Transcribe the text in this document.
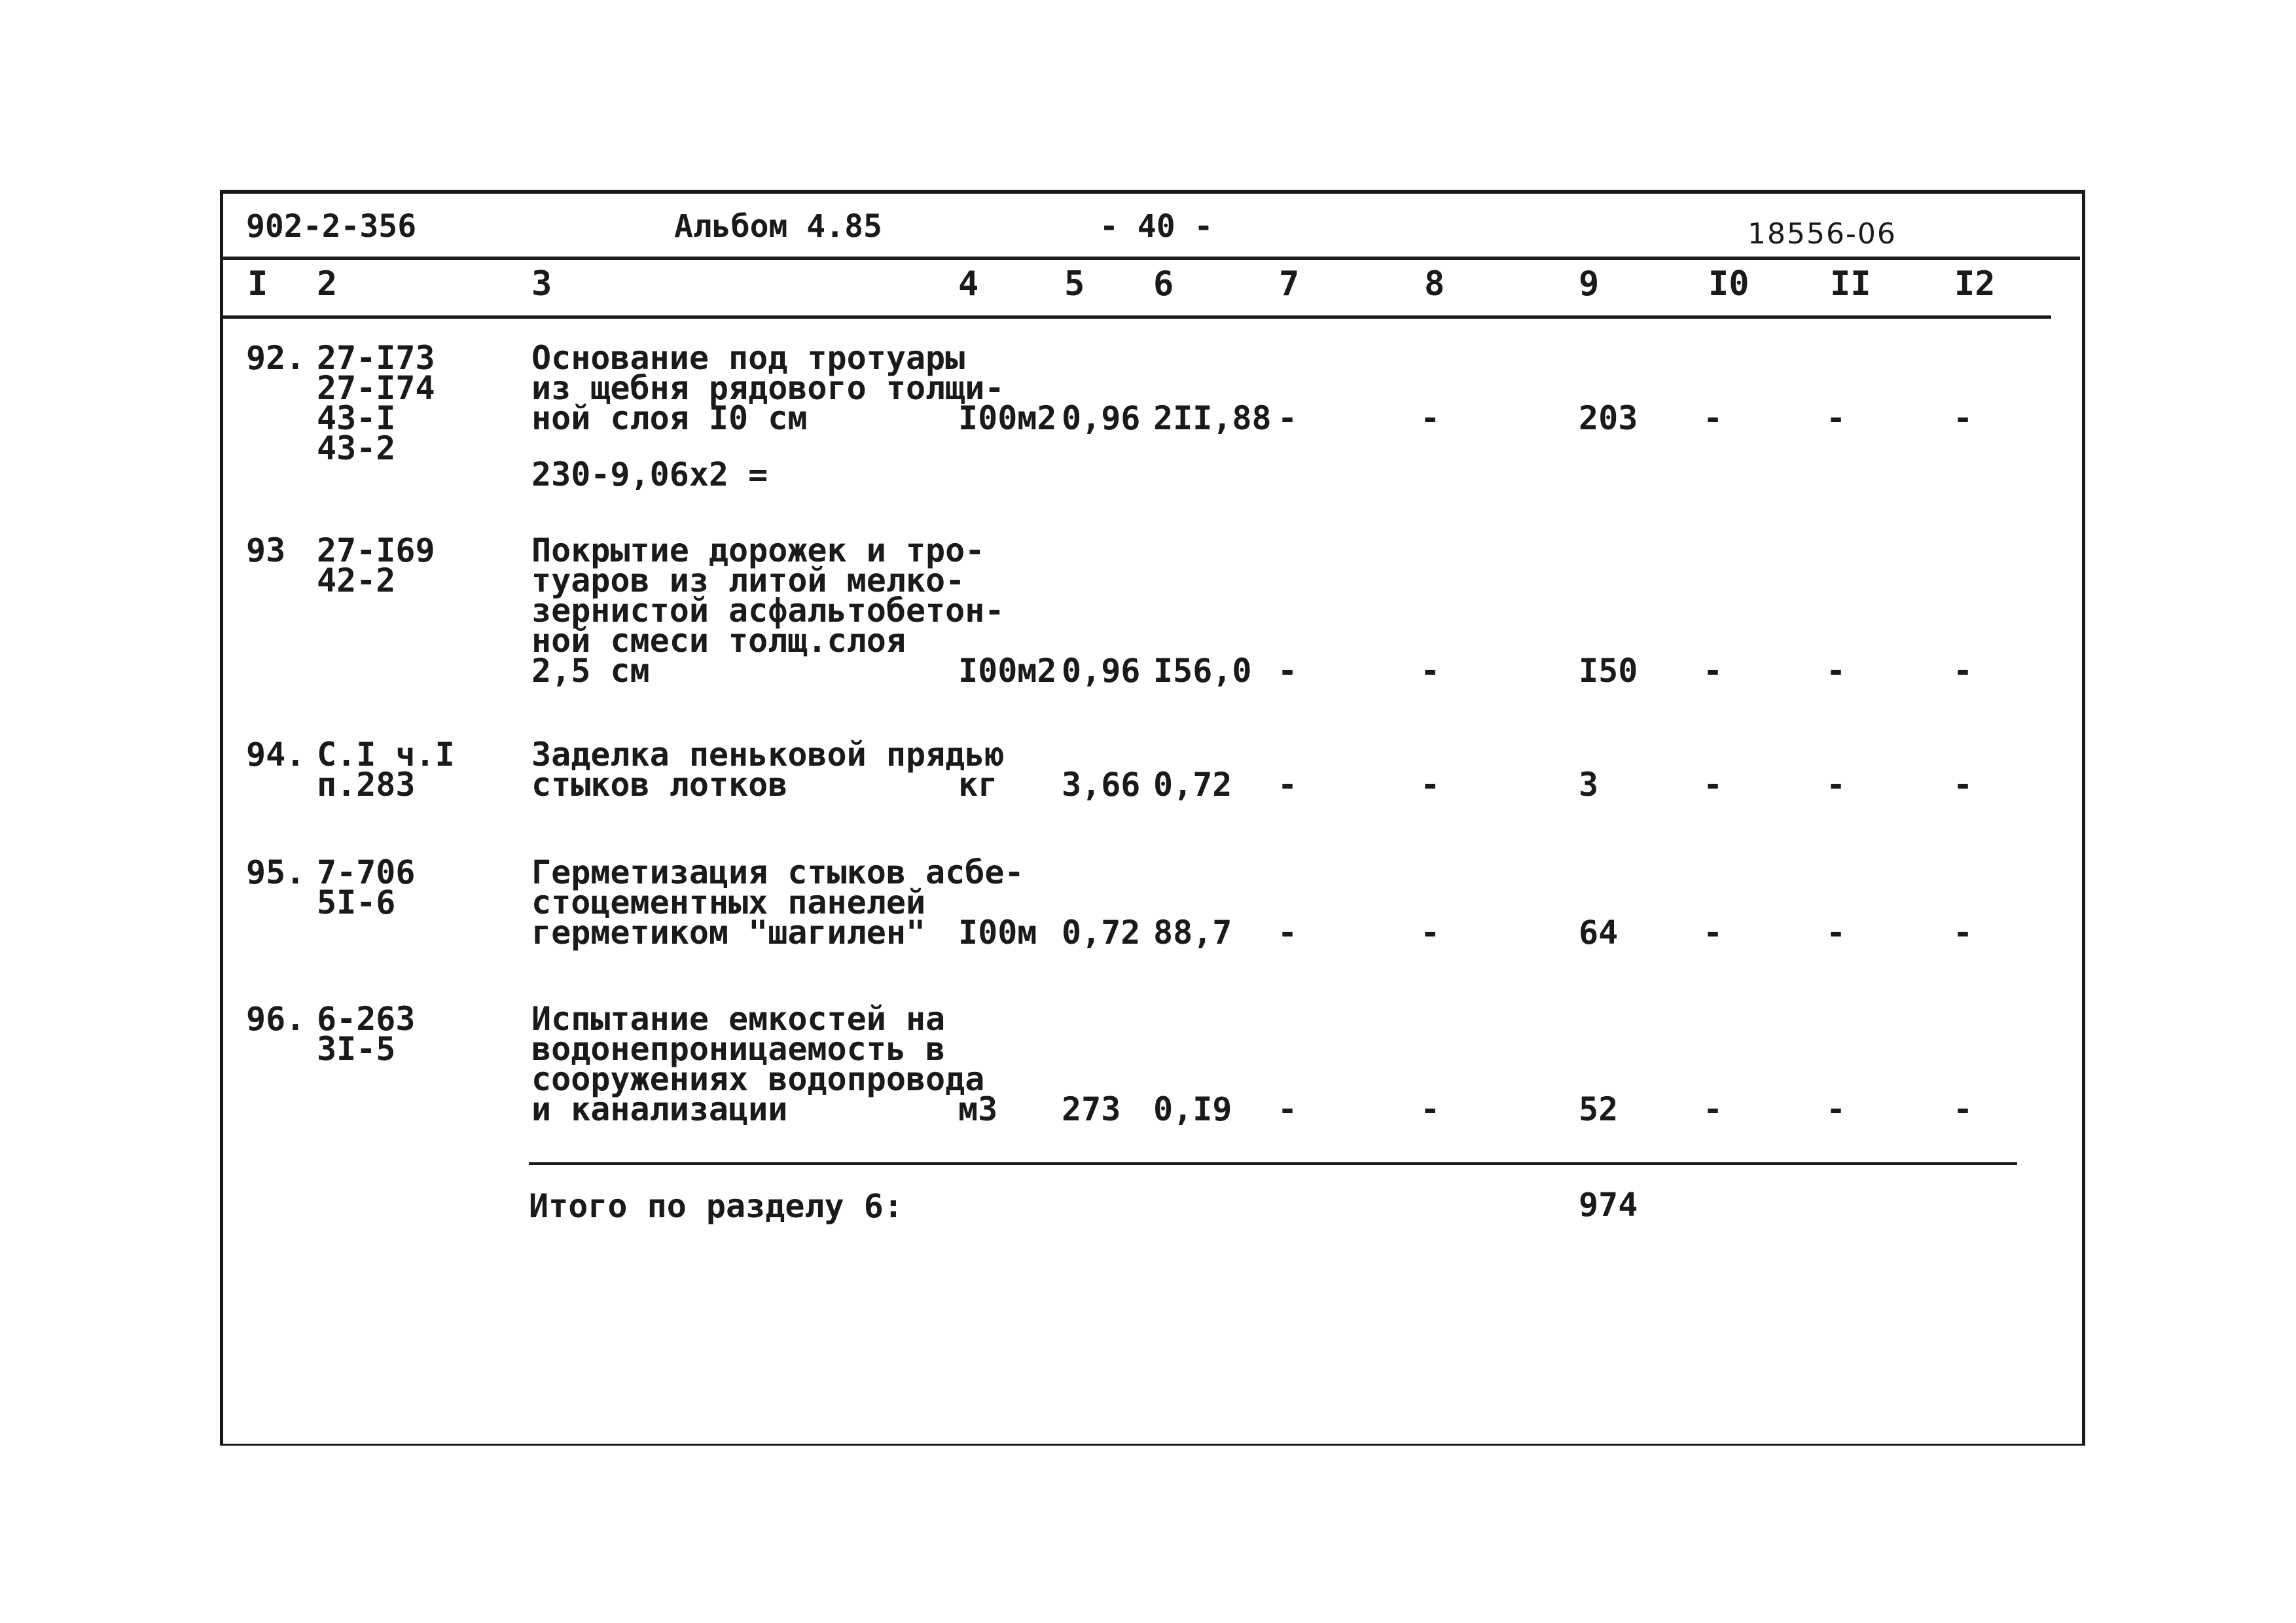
902-2-356	Альбом 4.85	- 40 -	18556-06
I 2	3	4	5 6	7	8	9	I0 II I2
92. 27-I73
27-I74
43-I
43-2
Основание под тротуары
из щебня рядового толщи-
ной слоя I0 см
230-9,06х2 =
I00м2 0,96 2II,88 -	-	203 -	-	-
93 27-I69
42-2
Покрытие дорожек и тро-
туаров из литой мелко-
зернистой асфальтобетон-
ной смеси толщ.слоя
2,5 см	I00м2 0,96 I56,0 -	-	I50 -	-	-
94. С.I ч.I
п.283
Заделка пеньковой прядью
стыков лотков	кг 3,66 0,72 -	-	3	-	-	-
95. 7-706
5I-6
Герметизация стыков асбе-
стоцементных панелей
герметиком "шагилен" I00м 0,72 88,7 -	-	64	-	-	-
96. 6-263
3I-5
Испытание емкостей на
водонепроницаемость в
сооружениях водопровода
и канализации	м3 273 0,I9 -	-	52	-	-	-
Итого по разделу 6:	974
